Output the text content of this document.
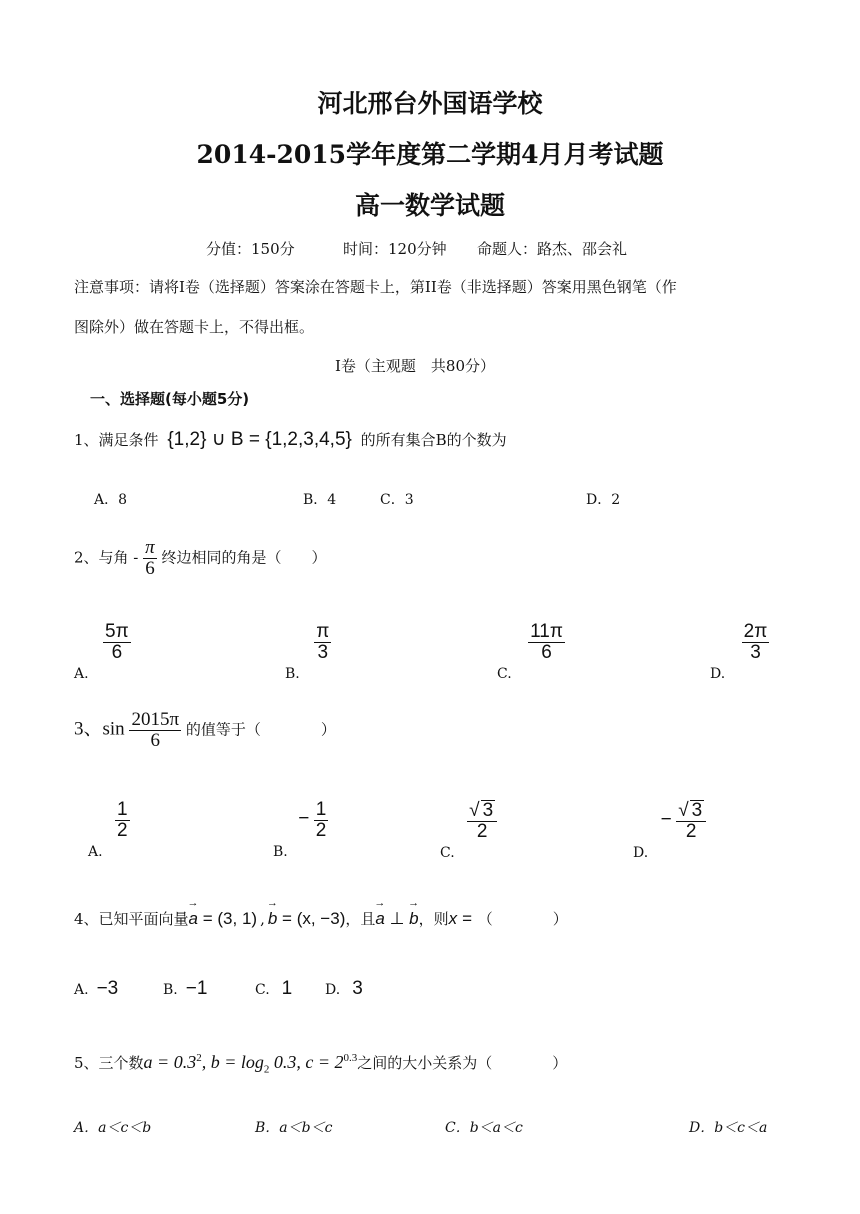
河北邢台外国语学校
2014-2015学年度第二学期4月月考试题
高一数学试题
分值：150分	时间：120分钟 命题人：路杰、邵会礼
注意事项：请将I卷（选择题）答案涂在答题卡上，第II卷（非选择题）答案用黑色钢笔（作
图除外）做在答题卡上，不得出框。
I卷（主观题　共80分）
一、选择题(每小题5分)
1、满足条件 {1,2} ∪ B = {1,2,3,4,5} 的所有集合B的个数为
A．8	B．4	C．3	D．2
2、与角 - $\frac{\pi}{6}$ 终边相同的角是（　　）
A.
$\frac{5\pi}{6}$
B.
$\frac{\pi}{3}$
C.
$\frac{11\pi}{6}$
D.
$\frac{2\pi}{3}$
3、$\sin \frac{2015\pi}{6}$ 的值等于（　　　　）
A.
$\frac{1}{2}$
B. − $\frac{1}{2}$
C.
$\frac{√ 3}{2}$
D. − $\frac{√ 3}{2}$
4、已知平面向量→ a = (3, 1) ,→ b = (x, −3)，且→ a ⊥ → b，则x = （　　　　）
A. −3	B. −1	C. 1 D. 3
5、三个数$a = 0.3^2$, $b = \log_2 0.3$, $c = 2^{0.3}$之间的大小关系为（　　　　）
A．a＜c＜b	B．a＜b＜c	C．b＜a＜c	D．b＜c＜a
